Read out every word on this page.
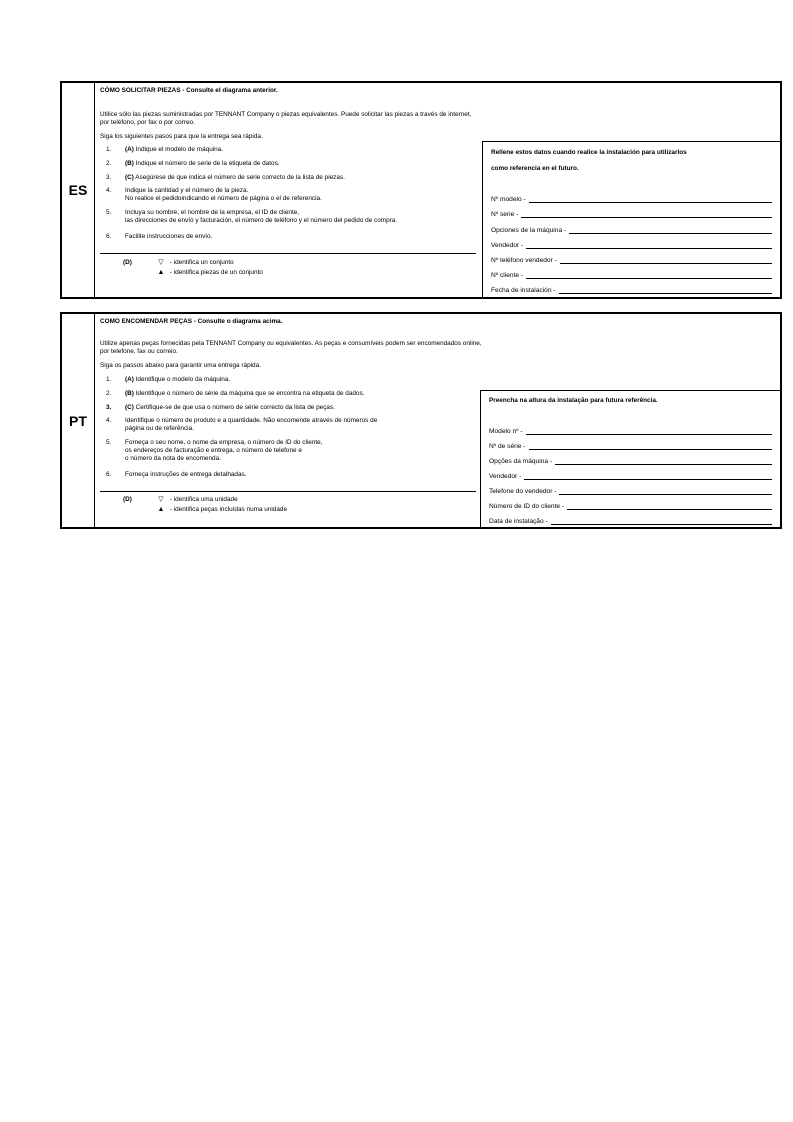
ES
CÓMO SOLICITAR PIEZAS - Consulte el diagrama anterior.
Utilice sólo las piezas suministradas por TENNANT Company o piezas equivalentes. Puede solicitar las piezas a través de internet,
por teléfono, por fax o por correo.
Siga los siguientes pasos para que la entrega sea rápida.
1.	(A) Indique el modelo de máquina.
2.	(B) Indique el número de serie de la etiqueta de datos.
3.	(C) Asegúrese de que indica el número de serie correcto de la lista de piezas.
4.	Indique la cantidad y el número de la pieza.
No realice el pedidoindicando el número de página o el de referencia.
5.	Incluya su nombre, el nombre de la empresa, el ID de cliente,
las direcciones de envío y facturación, el número de teléfono y el número del pedido de compra.
6.	Facilite instrucciones de envío.
(D)	▽ - identifica un conjunto
▲ - identifica piezas de un conjunto
Rellene estos datos cuando realice la instalación para utilizarlos
como referencia en el futuro.
Nº modelo -
Nº serie -
Opciones de la máquina -
Vendedor -
Nº teléfono vendedor -
Nº cliente -
Fecha de instalación -
PT
COMO ENCOMENDAR PEÇAS - Consulte o diagrama acima.
Utilize apenas peças fornecidas pela TENNANT Company ou equivalentes. As peças e consumíveis podem ser encomendados online,
por telefone, fax ou correio.
Siga os passos abaixo para garantir uma entrega rápida.
1.	(A) Identifique o modelo da máquina.
2.	(B) Identifique o número de série da máquina que se encontra na etiqueta de dados.
3.	(C) Certifique-se de que usa o número de série correcto da lista de peças.
4.	Identifique o número de produto e a quantidade. Não encomende através de números de
página ou de referência.
5.	Forneça o seu nome, o nome da empresa, o número de ID do cliente,
os endereços de facturação e entrega, o número de telefone e
o número da nota de encomenda.
6.	Forneça instruções de entrega detalhadas.
(D)	▽ - identifica uma unidade
▲ - identifica peças incluídas numa unidade
Preencha na altura da instalação para futura referência.
Modelo nº -
Nº de série -
Opções da máquina -
Vendedor -
Telefone do vendedor -
Número de ID do cliente -
Data de instalação -
